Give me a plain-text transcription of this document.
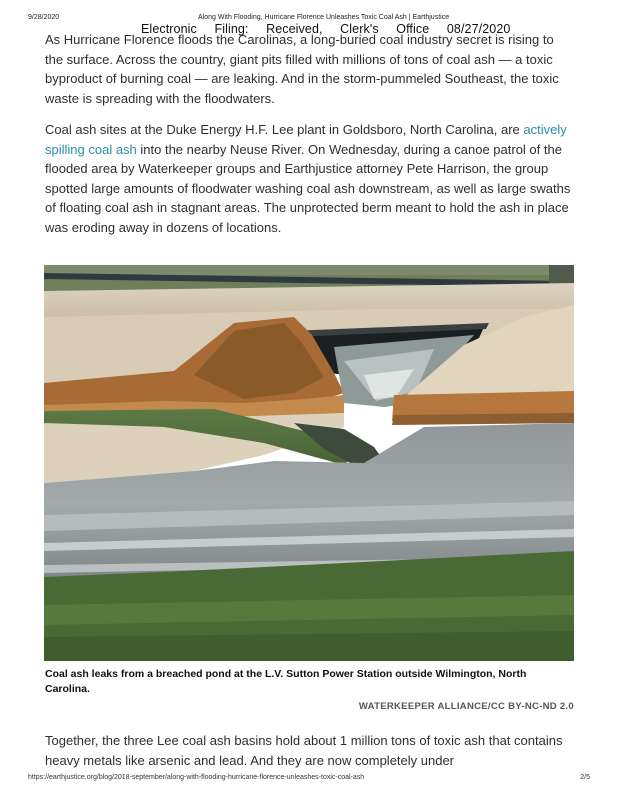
9/28/2020	Along With Flooding, Hurricane Florence Unleashes Toxic Coal Ash | Earthjustice
Electronic Filing: Received, Clerk's Office 08/27/2020

As Hurricane Florence floods the Carolinas, a long-buried coal industry secret is rising to the surface. Across the country, giant pits filled with millions of tons of coal ash — a toxic byproduct of burning coal — are leaking. And in the storm-pummeled Southeast, the toxic waste is spreading with the floodwaters.

Coal ash sites at the Duke Energy H.F. Lee plant in Goldsboro, North Carolina, are actively spilling coal ash into the nearby Neuse River. On Wednesday, during a canoe patrol of the flooded area by Waterkeeper groups and Earthjustice attorney Pete Harrison, the group spotted large amounts of floodwater washing coal ash downstream, as well as large swaths of floating coal ash in stagnant areas. The unprotected berm meant to hold the ash in place was eroding away in dozens of locations.

Coal ash leaks from a breached pond at the L.V. Sutton Power Station outside Wilmington, North Carolina.

WATERKEEPER ALLIANCE/CC BY-NC-ND 2.0

Together, the three Lee coal ash basins hold about 1 million tons of toxic ash that contains heavy metals like arsenic and lead. And they are now completely under

https://earthjustice.org/blog/2018-september/along-with-flooding-hurricane-florence-unleashes-toxic-coal-ash	2/5
